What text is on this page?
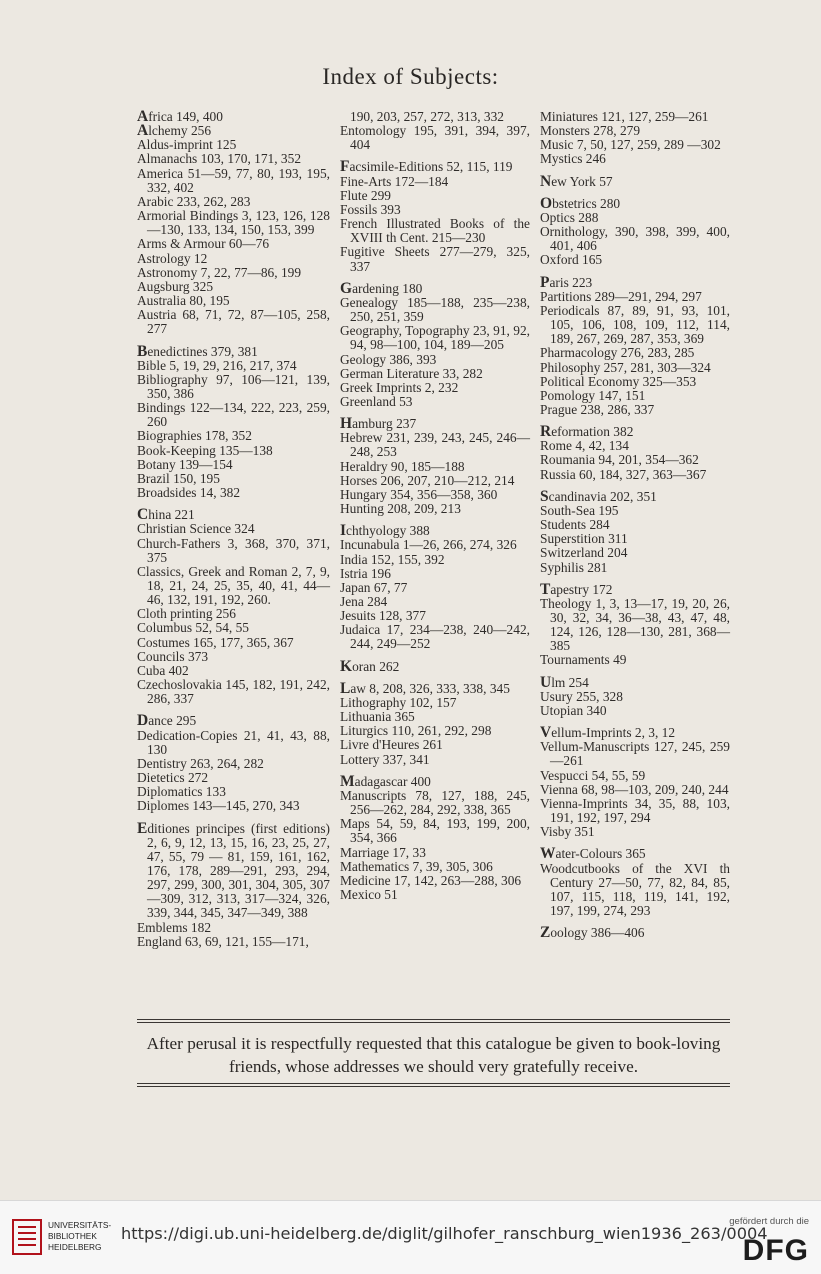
Index of Subjects:
Africa 149, 400
Alchemy 256
Aldus-imprint 125
Almanachs 103, 170, 171, 352
America 51—59, 77, 80, 193, 195, 332, 402
Arabic 233, 262, 283
Armorial Bindings 3, 123, 126, 128—130, 133, 134, 150, 153, 399
Arms & Armour 60—76
Astrology 12
Astronomy 7, 22, 77—86, 199
Augsburg 325
Australia 80, 195
Austria 68, 71, 72, 87—105, 258, 277
Benedictines 379, 381
Bible 5, 19, 29, 216, 217, 374
Bibliography 97, 106—121, 139, 350, 386
Bindings 122—134, 222, 223, 259, 260
Biographies 178, 352
Book-Keeping 135—138
Botany 139—154
Brazil 150, 195
Broadsides 14, 382
China 221
Christian Science 324
Church-Fathers 3, 368, 370, 371, 375
Classics, Greek and Roman 2, 7, 9, 18, 21, 24, 25, 35, 40, 41, 44—46, 132, 191, 192, 260.
Cloth printing 256
Columbus 52, 54, 55
Costumes 165, 177, 365, 367
Councils 373
Cuba 402
Czechoslovakia 145, 182, 191, 242, 286, 337
Dance 295
Dedication-Copies 21, 41, 43, 88, 130
Dentistry 263, 264, 282
Dietetics 272
Diplomatics 133
Diplomes 143—145, 270, 343
Editiones principes (first editions) 2, 6, 9, 12, 13, 15, 16, 23, 25, 27, 47, 55, 79 — 81, 159, 161, 162, 176, 178, 289—291, 293, 294, 297, 299, 300, 301, 304, 305, 307—309, 312, 313, 317—324, 326, 339, 344, 345, 347—349, 388
Emblems 182
England 63, 69, 121, 155—171,
190, 203, 257, 272, 313, 332
Entomology 195, 391, 394, 397, 404
Facsimile-Editions 52, 115, 119
Fine-Arts 172—184
Flute 299
Fossils 393
French Illustrated Books of the XVIII th Cent. 215—230
Fugitive Sheets 277—279, 325, 337
Gardening 180
Genealogy 185—188, 235—238, 250, 251, 359
Geography, Topography 23, 91, 92, 94, 98—100, 104, 189—205
Geology 386, 393
German Literature 33, 282
Greek Imprints 2, 232
Greenland 53
Hamburg 237
Hebrew 231, 239, 243, 245, 246—248, 253
Heraldry 90, 185—188
Horses 206, 207, 210—212, 214
Hungary 354, 356—358, 360
Hunting 208, 209, 213
Ichthyology 388
Incunabula 1—26, 266, 274, 326
India 152, 155, 392
Istria 196
Japan 67, 77
Jena 284
Jesuits 128, 377
Judaica 17, 234—238, 240—242, 244, 249—252
Koran 262
Law 8, 208, 326, 333, 338, 345
Lithography 102, 157
Lithuania 365
Liturgics 110, 261, 292, 298
Livre d'Heures 261
Lottery 337, 341
Madagascar 400
Manuscripts 78, 127, 188, 245, 256—262, 284, 292, 338, 365
Maps 54, 59, 84, 193, 199, 200, 354, 366
Marriage 17, 33
Mathematics 7, 39, 305, 306
Medicine 17, 142, 263—288, 306
Mexico 51
Miniatures 121, 127, 259—261
Monsters 278, 279
Music 7, 50, 127, 259, 289 —302
Mystics 246
New York 57
Obstetrics 280
Optics 288
Ornithology, 390, 398, 399, 400, 401, 406
Oxford 165
Paris 223
Partitions 289—291, 294, 297
Periodicals 87, 89, 91, 93, 101, 105, 106, 108, 109, 112, 114, 189, 267, 269, 287, 353, 369
Pharmacology 276, 283, 285
Philosophy 257, 281, 303—324
Political Economy 325—353
Pomology 147, 151
Prague 238, 286, 337
Reformation 382
Rome 4, 42, 134
Roumania 94, 201, 354—362
Russia 60, 184, 327, 363—367
Scandinavia 202, 351
South-Sea 195
Students 284
Superstition 311
Switzerland 204
Syphilis 281
Tapestry 172
Theology 1, 3, 13—17, 19, 20, 26, 30, 32, 34, 36—38, 43, 47, 48, 124, 126, 128—130, 281, 368—385
Tournaments 49
Ulm 254
Usury 255, 328
Utopian 340
Vellum-Imprints 2, 3, 12
Vellum-Manuscripts 127, 245, 259—261
Vespucci 54, 55, 59
Vienna 68, 98—103, 209, 240, 244
Vienna-Imprints 34, 35, 88, 103, 191, 192, 197, 294
Visby 351
Water-Colours 365
Woodcutbooks of the XVI th Century 27—50, 77, 82, 84, 85, 107, 115, 118, 119, 141, 192, 197, 199, 274, 293
Zoology 386—406
After perusal it is respectfully requested that this catalogue be given to book-loving friends, whose addresses we should very gratefully receive.
UNIVERSITÄTS-
BIBLIOTHEK
HEIDELBERG
https://digi.ub.uni-heidelberg.de/diglit/gilhofer_ranschburg_wien1936_263/0004
gefördert durch die
DFG
